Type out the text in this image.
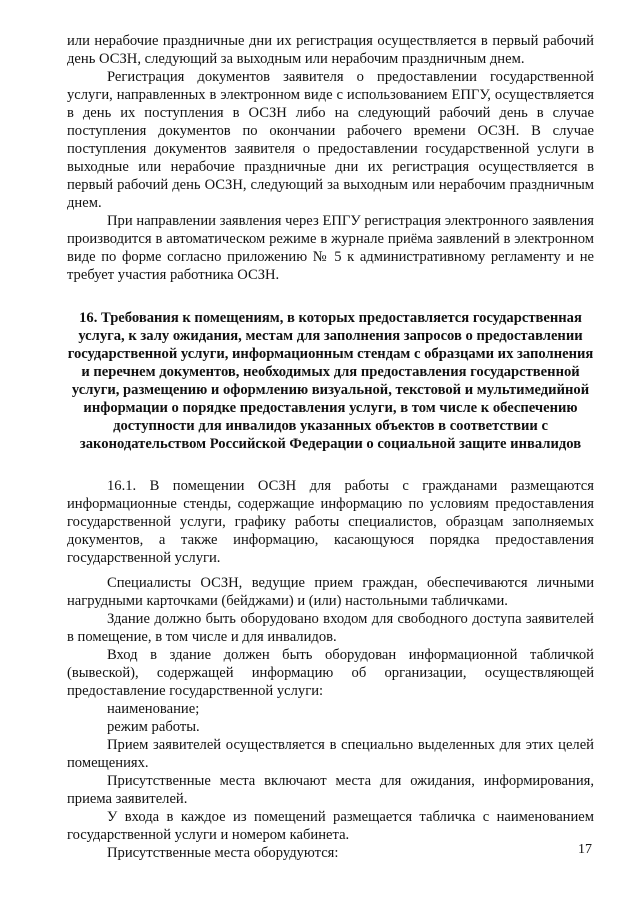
или нерабочие праздничные дни их регистрация осуществляется в первый рабочий день ОСЗН, следующий за выходным или нерабочим праздничным днем.

Регистрация документов заявителя о предоставлении государственной услуги, направленных в электронном виде с использованием ЕПГУ, осуществляется в день их поступления в ОСЗН либо на следующий рабочий день в случае поступления документов по окончании рабочего времени ОСЗН. В случае поступления документов заявителя о предоставлении государственной услуги в выходные или нерабочие праздничные дни их регистрация осуществляется в первый рабочий день ОСЗН, следующий за выходным или нерабочим праздничным днем.

При направлении заявления через ЕПГУ регистрация электронного заявления производится в автоматическом режиме в журнале приёма заявлений в электронном виде по форме согласно приложению № 5 к административному регламенту и не требует участия работника ОСЗН.

16. Требования к помещениям, в которых предоставляется государственная услуга, к залу ожидания, местам для заполнения запросов о предоставлении государственной услуги, информационным стендам с образцами их заполнения и перечнем документов, необходимых для предоставления государственной услуги, размещению и оформлению визуальной, текстовой и мультимедийной информации о порядке предоставления услуги, в том числе к обеспечению доступности для инвалидов указанных объектов в соответствии с законодательством Российской Федерации о социальной защите инвалидов

16.1. В помещении ОСЗН для работы с гражданами размещаются информационные стенды, содержащие информацию по условиям предоставления государственной услуги, графику работы специалистов, образцам заполняемых документов, а также информацию, касающуюся порядка предоставления государственной услуги.

Специалисты ОСЗН, ведущие прием граждан, обеспечиваются личными нагрудными карточками (бейджами) и (или) настольными табличками.

Здание должно быть оборудовано входом для свободного доступа заявителей в помещение, в том числе и для инвалидов.

Вход в здание должен быть оборудован информационной табличкой (вывеской), содержащей информацию об организации, осуществляющей предоставление государственной услуги:

наименование;

режим работы.

Прием заявителей осуществляется в специально выделенных для этих целей помещениях.

Присутственные места включают места для ожидания, информирования, приема заявителей.

У входа в каждое из помещений размещается табличка с наименованием государственной услуги и номером кабинета.

Присутственные места оборудуются:	17
